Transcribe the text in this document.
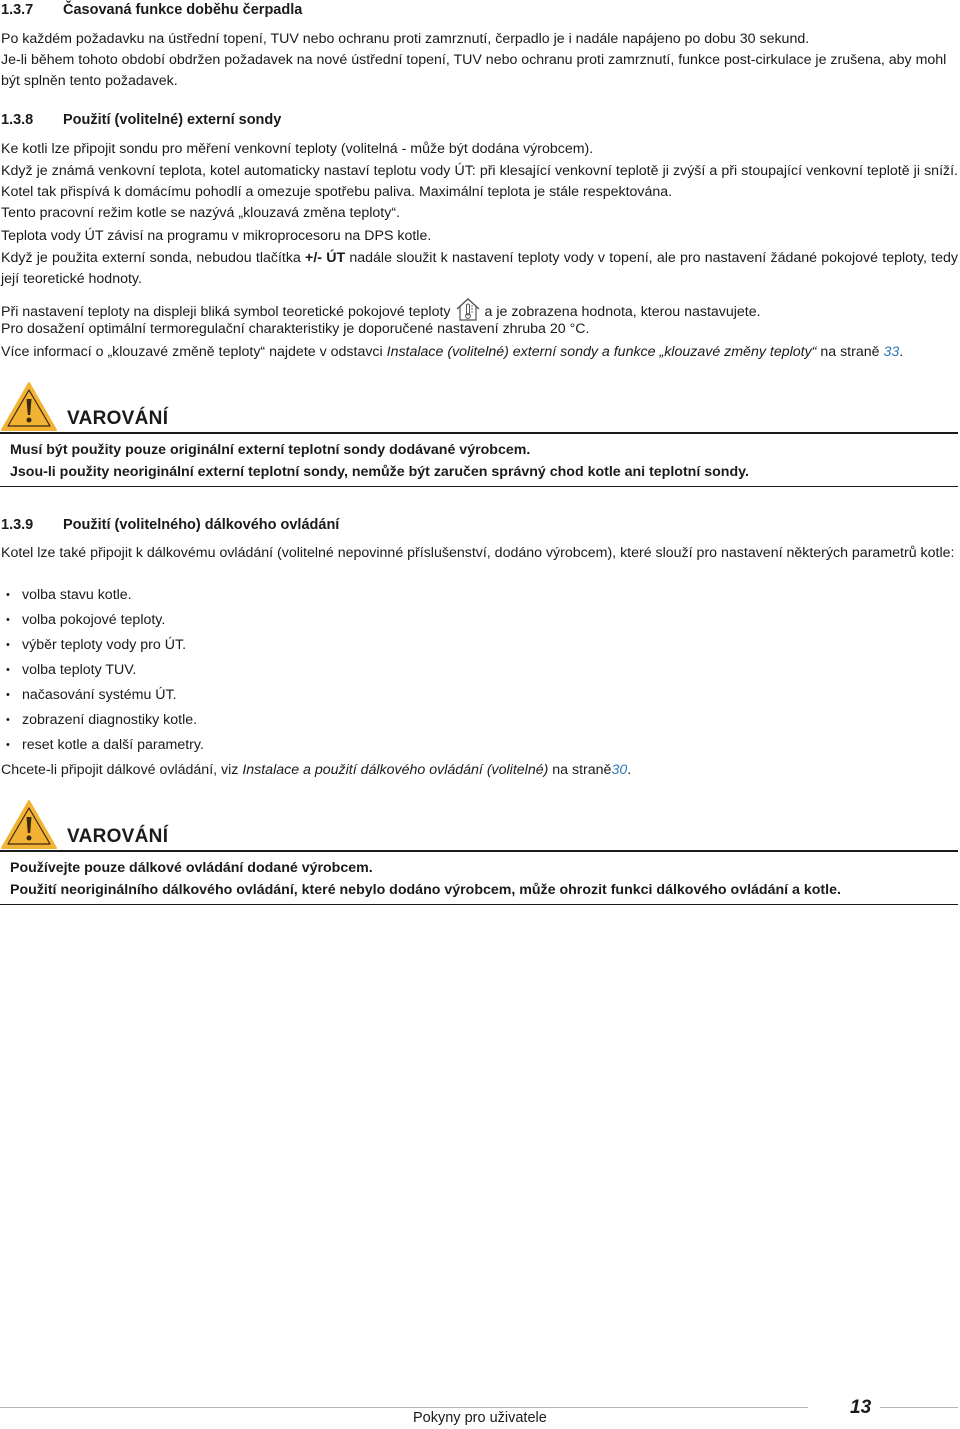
1.3.7 Časovaná funkce doběhu čerpadla
Po každém požadavku na ústřední topení, TUV nebo ochranu proti zamrznutí, čerpadlo je i nadále napájeno po dobu 30 sekund.
Je-li během tohoto období obdržen požadavek na nové ústřední topení, TUV nebo ochranu proti zamrznutí, funkce post-cirkulace je zrušena, aby mohl být splněn tento požadavek.
1.3.8 Použití (volitelné) externí sondy
Ke kotli lze připojit sondu pro měření venkovní teploty (volitelná - může být dodána výrobcem).
Když je známá venkovní teplota, kotel automaticky nastaví teplotu vody ÚT: při klesající venkovní teplotě ji zvýší a při stoupající venkovní teplotě ji sníží. Kotel tak přispívá k domácímu pohodlí a omezuje spotřebu paliva. Maximální teplota je stále respektována.
Tento pracovní režim kotle se nazývá „klouzavá změna teploty“.
Teplota vody ÚT závisí na programu v mikroprocesoru na DPS kotle.
Když je použita externí sonda, nebudou tlačítka +/- ÚT nadále sloužit k nastavení teploty vody v topení, ale pro nastavení žádané pokojové teploty, tedy její teoretické hodnoty.
Při nastavení teploty na displeji bliká symbol teoretické pokojové teploty a je zobrazena hodnota, kterou nastavujete.
Pro dosažení optimální termoregulační charakteristiky je doporučené nastavení zhruba 20 °C.
Více informací o „klouzavé změně teploty“ najdete v odstavci Instalace (volitelné) externí sondy a funkce „klouzavé změny teploty“ na straně 33.
VAROVÁNÍ
Musí být použity pouze originální externí teplotní sondy dodávané výrobcem.
Jsou-li použity neoriginální externí teplotní sondy, nemůže být zaručen správný chod kotle ani teplotní sondy.
1.3.9 Použití (volitelného) dálkového ovládání
Kotel lze také připojit k dálkovému ovládání (volitelné nepovinné příslušenství, dodáno výrobcem), které slouží pro nastavení některých parametrů kotle:
• volba stavu kotle.
• volba pokojové teploty.
• výběr teploty vody pro ÚT.
• volba teploty TUV.
• načasování systému ÚT.
• zobrazení diagnostiky kotle.
• reset kotle a další parametry.
Chcete-li připojit dálkové ovládání, viz Instalace a použití dálkového ovládání (volitelné) na straně30.
VAROVÁNÍ
Používejte pouze dálkové ovládání dodané výrobcem.
Použití neoriginálního dálkového ovládání, které nebylo dodáno výrobcem, může ohrozit funkci dálkového ovládání a kotle.
Pokyny pro uživatele	13
